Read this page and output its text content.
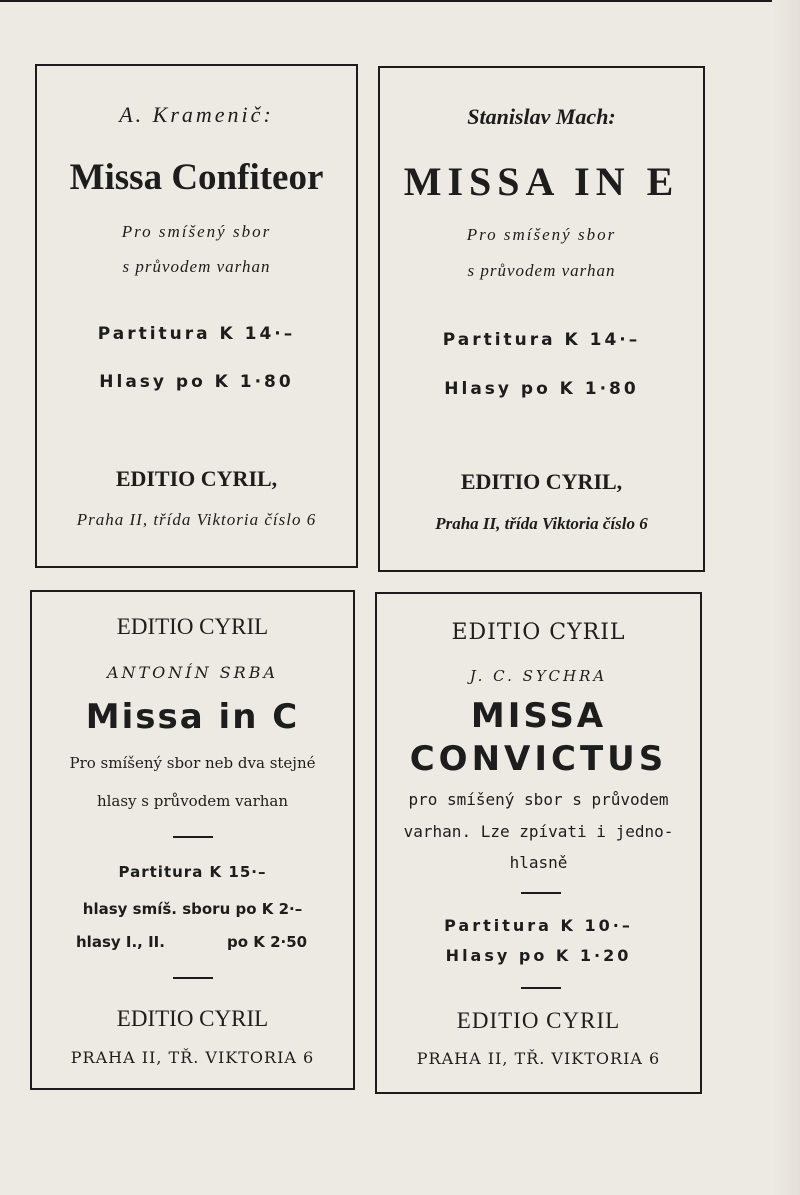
A. Kramenič:

Missa Confiteor

Pro smíšený sbor

s průvodem varhan

Partitura K 14·–

Hlasy po K 1·80

EDITIO CYRIL,

Praha II, třída Viktoria číslo 6

Stanislav Mach:

MISSA IN E

Pro smíšený sbor

s průvodem varhan

Partitura K 14·–

Hlasy po K 1·80

EDITIO CYRIL,

Praha II, třída Viktoria číslo 6

EDITIO CYRIL

ANTONÍN SRBA

Missa in C

Pro smíšený sbor neb dva stejné

hlasy s průvodem varhan

Partitura K 15·–

hlasy smíš. sboru po K 2·–

hlasy I., II.	po K 2·50

EDITIO CYRIL

PRAHA II, TŘ. VIKTORIA 6

EDITIO CYRIL

J. C. SYCHRA

MISSA

CONVICTUS

pro smíšený sbor s průvodem

varhan. Lze zpívati i jedno-

hlasně

Partitura K 10·–

Hlasy po K 1·20

EDITIO CYRIL

PRAHA II, TŘ. VIKTORIA 6
